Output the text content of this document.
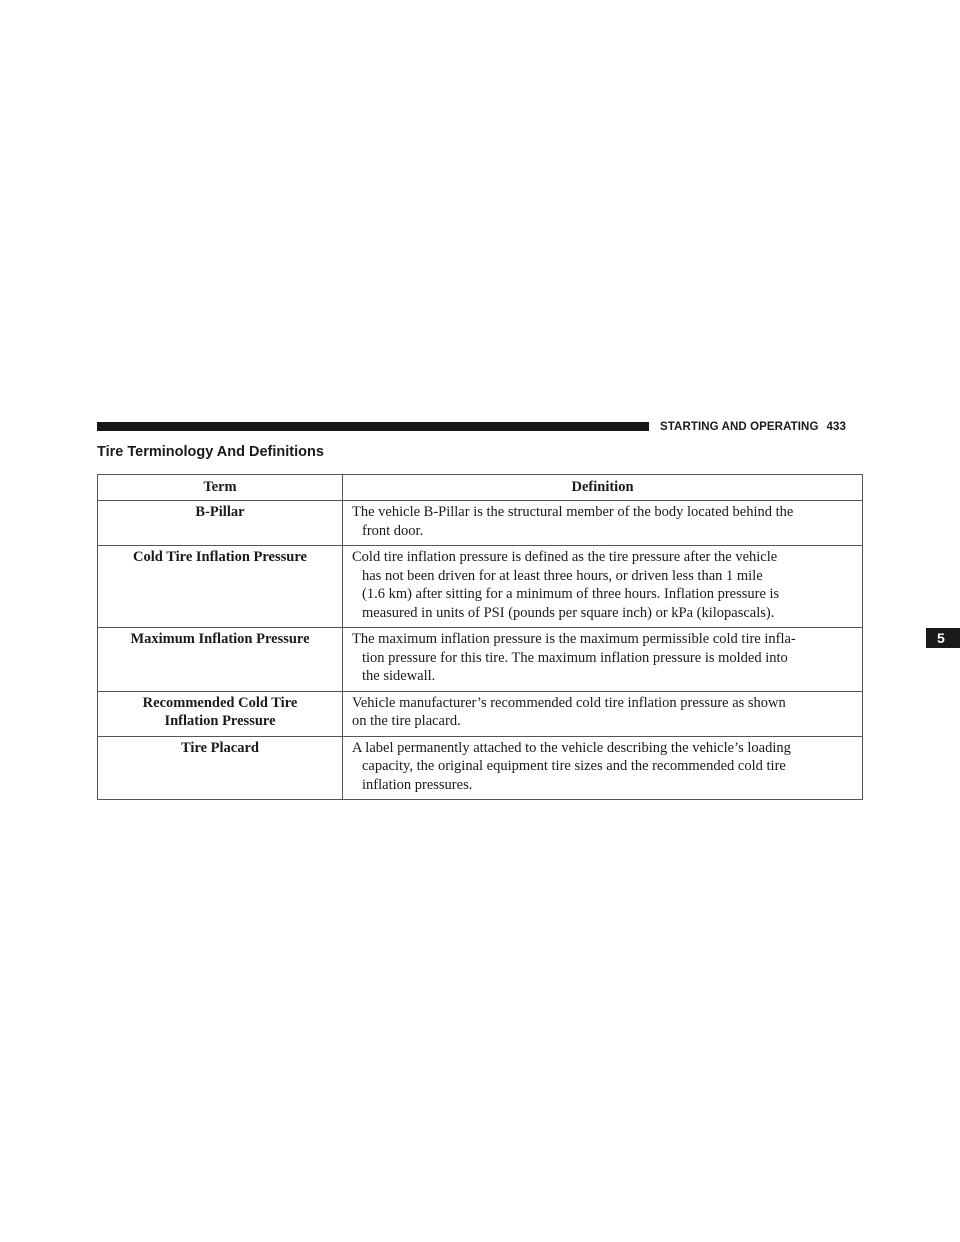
STARTING AND OPERATING 433
Tire Terminology And Definitions
5
Term	Definition

B-Pillar	The vehicle B-Pillar is the structural member of the body located behind the
front door.

Cold Tire Inflation Pressure	Cold tire inflation pressure is defined as the tire pressure after the vehicle
has not been driven for at least three hours, or driven less than 1 mile
(1.6 km) after sitting for a minimum of three hours. Inflation pressure is
measured in units of PSI (pounds per square inch) or kPa (kilopascals).

Maximum Inflation Pressure	The maximum inflation pressure is the maximum permissible cold tire infla-
tion pressure for this tire. The maximum inflation pressure is molded into
the sidewall.

Recommended Cold Tire
Inflation Pressure	Vehicle manufacturer’s recommended cold tire inflation pressure as shown
on the tire placard.

Tire Placard	A label permanently attached to the vehicle describing the vehicle’s loading
capacity, the original equipment tire sizes and the recommended cold tire
inflation pressures.
